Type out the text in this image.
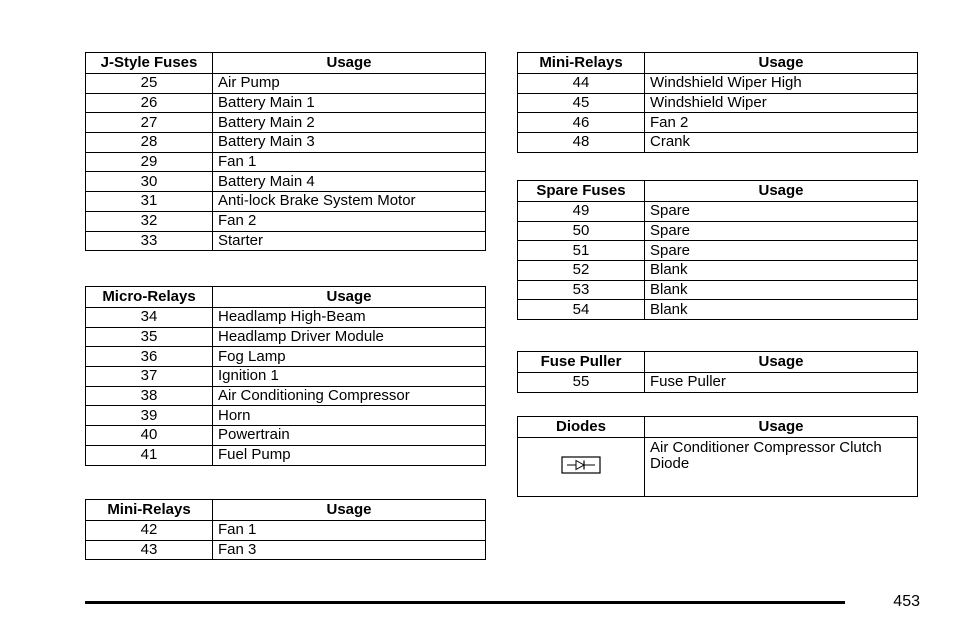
J-Style Fuses	Usage
25	Air Pump
26	Battery Main 1
27	Battery Main 2
28	Battery Main 3
29	Fan 1
30	Battery Main 4
31	Anti-lock Brake System Motor
32	Fan 2
33	Starter
Micro-Relays	Usage
34	Headlamp High-Beam
35	Headlamp Driver Module
36	Fog Lamp
37	Ignition 1
38	Air Conditioning Compressor
39	Horn
40	Powertrain
41	Fuel Pump
Mini-Relays	Usage
42	Fan 1
43	Fan 3
Mini-Relays	Usage
44	Windshield Wiper High
45	Windshield Wiper
46	Fan 2
48	Crank
Spare Fuses	Usage
49	Spare
50	Spare
51	Spare
52	Blank
53	Blank
54	Blank
Fuse Puller	Usage
55	Fuse Puller
Diodes	Usage
	Air Conditioner Compressor Clutch Diode
453
